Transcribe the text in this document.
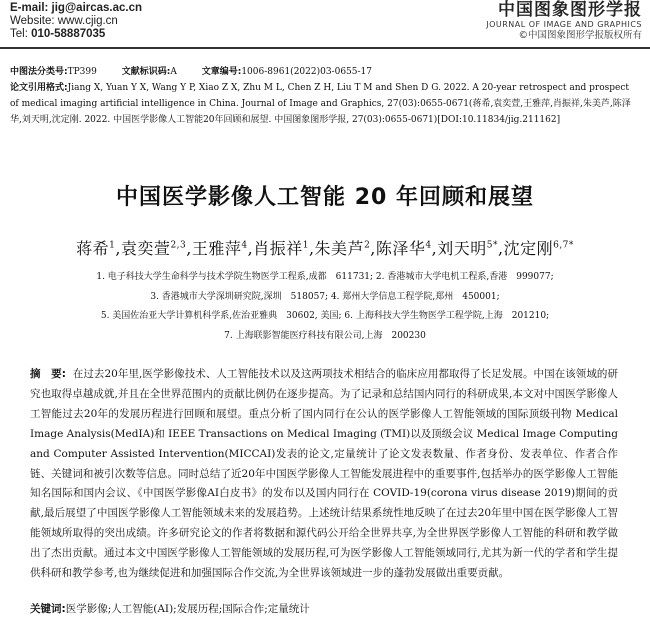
E-mail: jig@aircas.ac.cn
Website: www.cjig.cn
Tel: 010-58887035
中国图象图形学报
JOURNAL OF IMAGE AND GRAPHICS
©中国图象图形学报版权所有
中图法分类号:TP399	文献标识码:A	文章编号:1006-8961(2022)03-0655-17
论文引用格式:Jiang X, Yuan Y X, Wang Y P, Xiao Z X, Zhu M L, Chen Z H, Liu T M and Shen D G. 2022. A 20-year retrospect and prospect of medical imaging artificial intelligence in China. Journal of Image and Graphics, 27(03):0655-0671(蒋希,袁奕萱,王雅萍,肖振祥,朱美芦,陈泽华,刘天明,沈定刚. 2022. 中国医学影像人工智能20年回顾和展望. 中国图象图形学报, 27(03):0655-0671)[DOI:10.11834/jig.211162]
中国医学影像人工智能 20 年回顾和展望
蒋希$^1$,袁奕萱$^{2,3}$,王雅萍$^4$,肖振祥$^1$,朱美芦$^2$,陈泽华$^4$,刘天明$^{5*}$,沈定刚$^{6,7*}$
1. 电子科技大学生命科学与技术学院生物医学工程系,成都　611731; 2. 香港城市大学电机工程系,香港　999077;
3. 香港城市大学深圳研究院,深圳　518057; 4. 郑州大学信息工程学院,郑州　450001;
5. 美国佐治亚大学计算机科学系,佐治亚雅典　30602, 美国; 6. 上海科技大学生物医学工程学院,上海　201210;
7. 上海联影智能医疗科技有限公司,上海　200230
摘　要: 在过去20年里,医学影像技术、人工智能技术以及这两项技术相结合的临床应用都取得了长足发展。中国在该领域的研究也取得卓越成就,并且在全世界范围内的贡献比例仍在逐步提高。为了记录和总结国内同行的科研成果,本文对中国医学影像人工智能过去20年的发展历程进行回顾和展望。重点分析了国内同行在公认的医学影像人工智能领域的国际顶级刊物 Medical Image Analysis(MedIA)和 IEEE Transactions on Medical Imaging (TMI)以及顶级会议 Medical Image Computing and Computer Assisted Intervention(MICCAI)发表的论文,定量统计了论文发表数量、作者身份、发表单位、作者合作链、关键词和被引次数等信息。同时总结了近20年中国医学影像人工智能发展进程中的重要事件,包括举办的医学影像人工智能知名国际和国内会议、《中国医学影像AI白皮书》的发布以及国内同行在 COVID-19(corona virus disease 2019)期间的贡献,最后展望了中国医学影像人工智能领域未来的发展趋势。上述统计结果系统性地反映了在过去20年里中国在医学影像人工智能领域所取得的突出成绩。许多研究论文的作者将数据和源代码公开给全世界共享,为全世界医学影像人工智能的科研和教学做出了杰出贡献。通过本文中国医学影像人工智能领域的发展历程,可为医学影像人工智能领域同行,尤其为新一代的学者和学生提供科研和教学参考,也为继续促进和加强国际合作交流,为全世界该领域进一步的蓬勃发展做出重要贡献。
关键词:医学影像;人工智能(AI);发展历程;国际合作;定量统计
